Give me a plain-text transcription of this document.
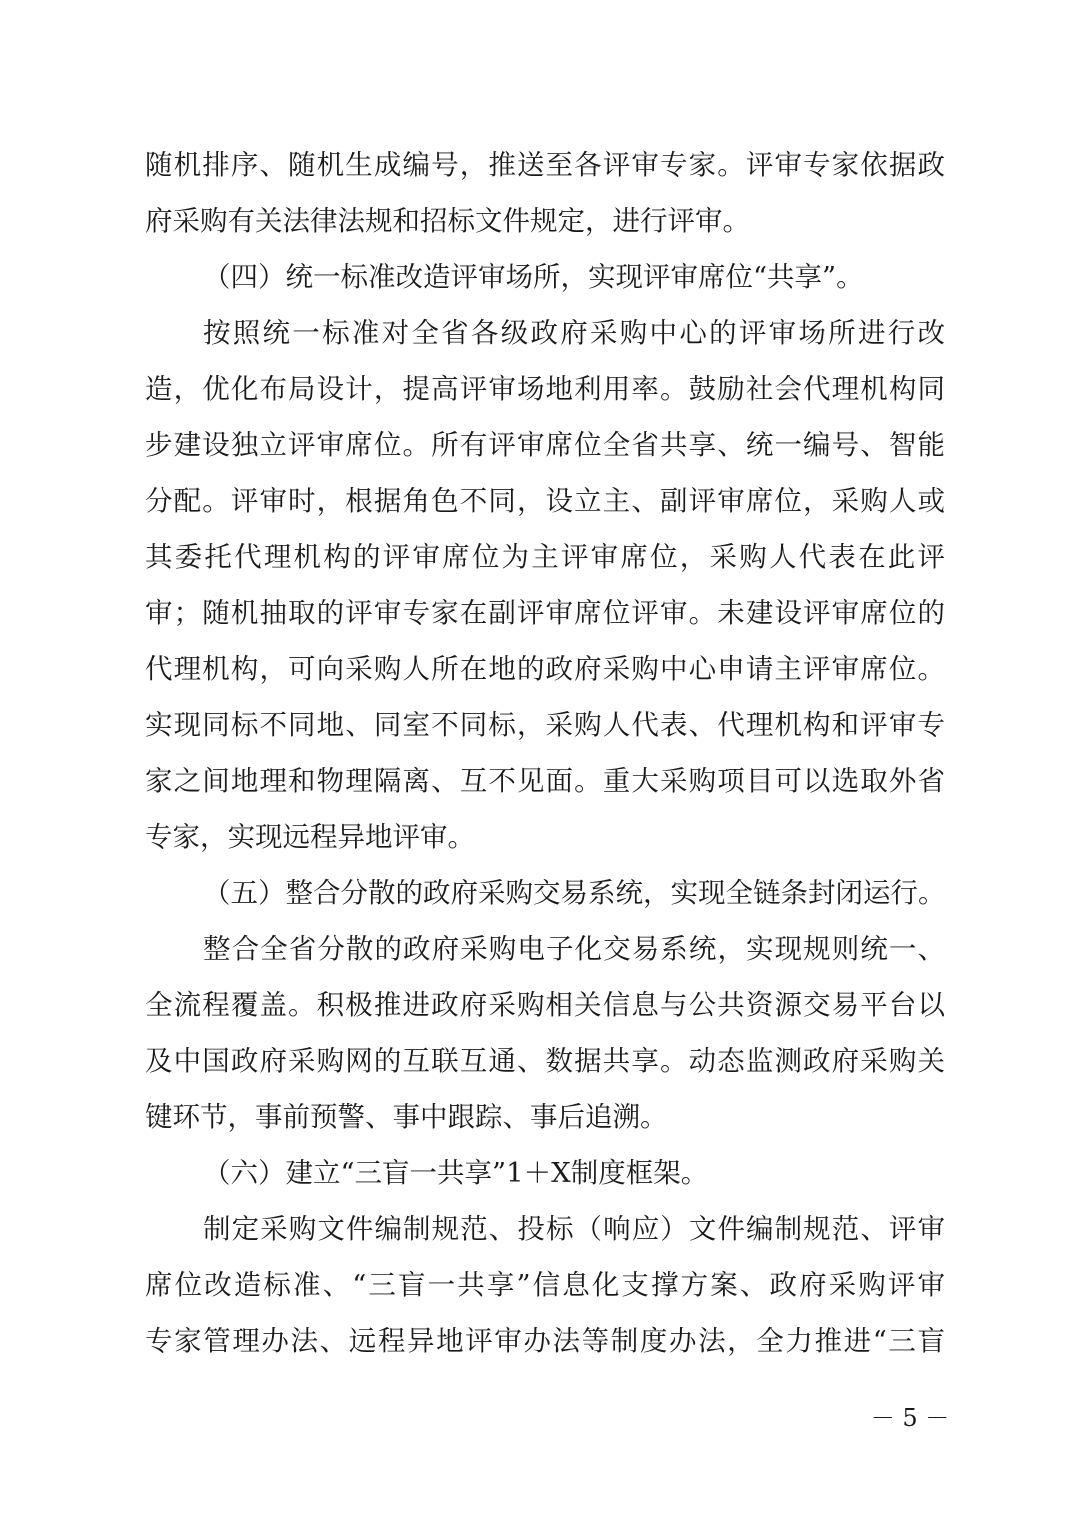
随机排序、随机生成编号，推送至各评审专家。评审专家依据政
府采购有关法律法规和招标文件规定，进行评审。
（四）统一标准改造评审场所，实现评审席位“共享”。
按照统一标准对全省各级政府采购中心的评审场所进行改
造，优化布局设计，提高评审场地利用率。鼓励社会代理机构同
步建设独立评审席位。所有评审席位全省共享、统一编号、智能
分配。评审时，根据角色不同，设立主、副评审席位，采购人或
其委托代理机构的评审席位为主评审席位，采购人代表在此评
审；随机抽取的评审专家在副评审席位评审。未建设评审席位的
代理机构，可向采购人所在地的政府采购中心申请主评审席位。
实现同标不同地、同室不同标，采购人代表、代理机构和评审专
家之间地理和物理隔离、互不见面。重大采购项目可以选取外省
专家，实现远程异地评审。
（五）整合分散的政府采购交易系统，实现全链条封闭运行。
整合全省分散的政府采购电子化交易系统，实现规则统一、
全流程覆盖。积极推进政府采购相关信息与公共资源交易平台以
及中国政府采购网的互联互通、数据共享。动态监测政府采购关
键环节，事前预警、事中跟踪、事后追溯。
（六）建立“三盲一共享”1＋X制度框架。
制定采购文件编制规范、投标（响应）文件编制规范、评审
席位改造标准、“三盲一共享”信息化支撑方案、政府采购评审
专家管理办法、远程异地评审办法等制度办法，全力推进“三盲
－ 5 －
